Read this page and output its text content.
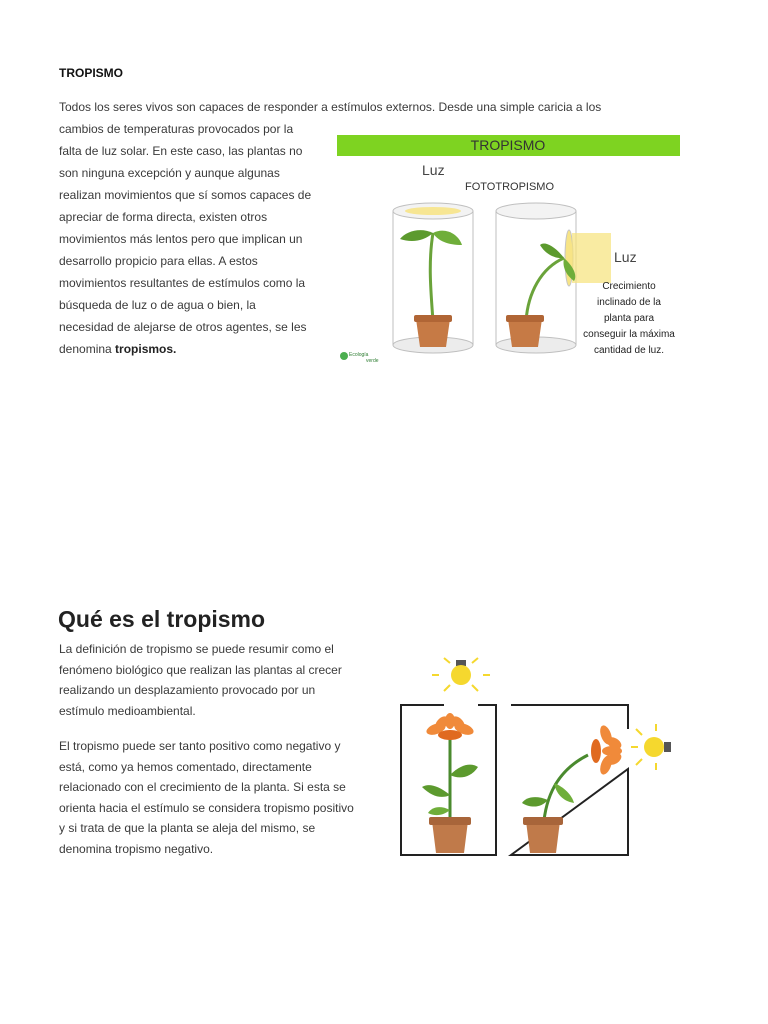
TROPISMO

Todos los seres vivos son capaces de responder a estímulos externos. Desde una simple caricia a los

cambios de temperaturas provocados por la
falta de luz solar. En este caso, las plantas no
son ninguna excepción y aunque algunas
realizan movimientos que sí somos capaces de
apreciar de forma directa, existen otros
movimientos más lentos pero que implican un
desarrollo propicio para ellas. A estos
movimientos resultantes de estímulos como la
búsqueda de luz o de agua o bien, la
necesidad de alejarse de otros agentes, se les
denomina tropismos.
TROPISMO
Luz
FOTOTROPISMO
Luz
Crecimiento
inclinado de la
planta para
conseguir la máxima
cantidad de luz.
Ecología
verde
Qué es el tropismo
La definición de tropismo se puede resumir como el
fenómeno biológico que realizan las plantas al crecer
realizando un desplazamiento provocado por un
estímulo medioambiental.
El tropismo puede ser tanto positivo como negativo y
está, como ya hemos comentado, directamente
relacionado con el crecimiento de la planta. Si esta se
orienta hacia el estímulo se considera tropismo positivo
y si trata de que la planta se aleja del mismo, se
denomina tropismo negativo.
